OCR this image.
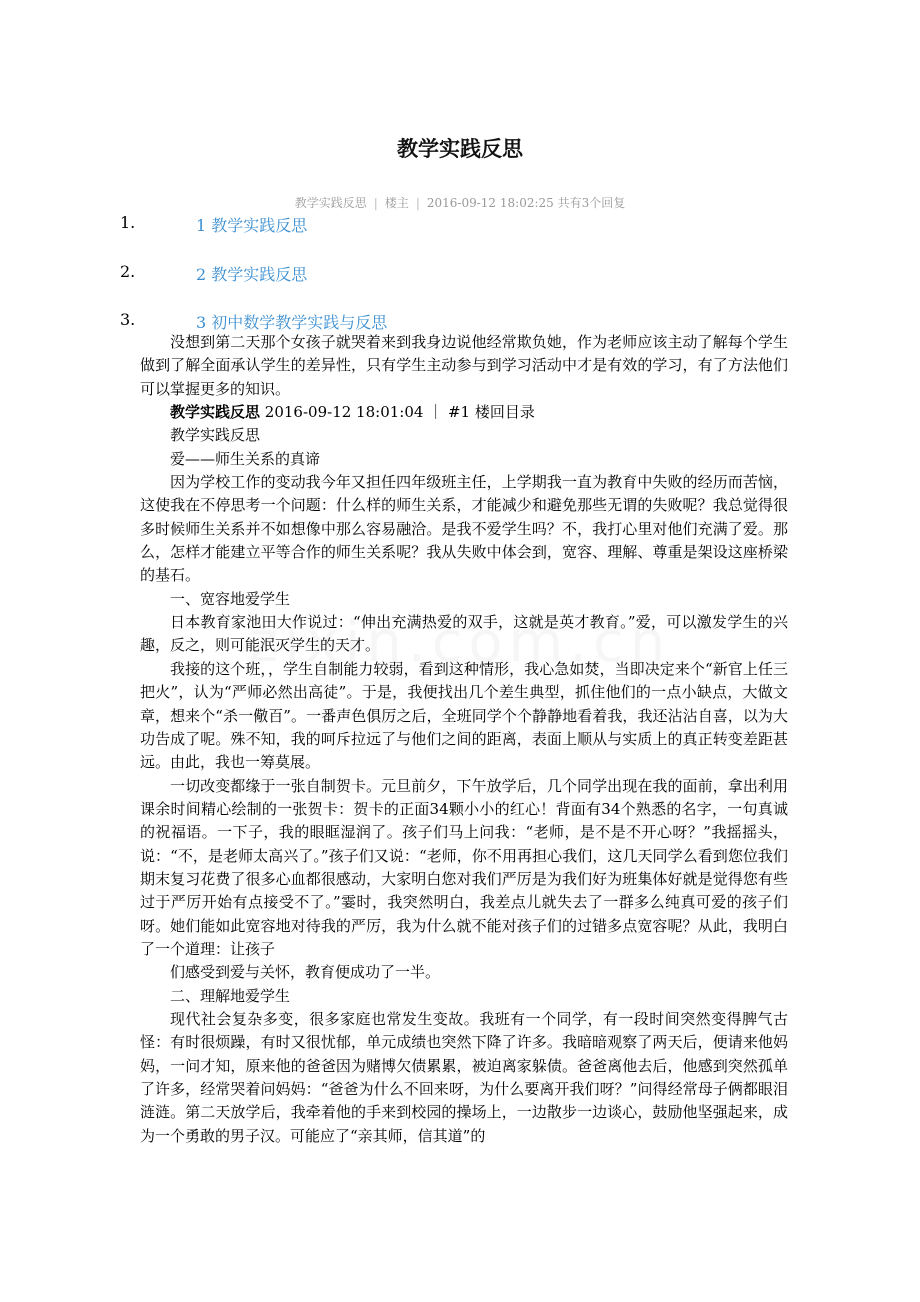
教学实践反思
教学实践反思 | 楼主 | 2016-09-12 18:02:25 共有3个回复
1.	1 教学实践反思
2.	2 教学实践反思
3.	3 初中数学教学实践与反思

没想到第二天那个女孩子就哭着来到我身边说他经常欺负她，作为老师应该主动了解每个学生做到了解全面承认学生的差异性，只有学生主动参与到学习活动中才是有效的学习，有了方法他们可以掌握更多的知识。

教学实践反思 2016-09-12 18:01:04 ｜ #1 楼回目录

教学实践反思

爱——师生关系的真谛

因为学校工作的变动我今年又担任四年级班主任，上学期我一直为教育中失败的经历而苦恼，这使我在不停思考一个问题：什么样的师生关系，才能减少和避免那些无谓的失败呢？我总觉得很多时候师生关系并不如想像中那么容易融洽。是我不爱学生吗？不，我打心里对他们充满了爱。那么，怎样才能建立平等合作的师生关系呢？我从失败中体会到，宽容、理解、尊重是架设这座桥梁的基石。

一、宽容地爱学生

日本教育家池田大作说过：“伸出充满热爱的双手，这就是英才教育。”爱，可以激发学生的兴趣，反之，则可能泯灭学生的天才。

我接的这个班，，学生自制能力较弱，看到这种情形，我心急如焚，当即决定来个“新官上任三把火”，认为“严师必然出高徒”。于是，我便找出几个差生典型，抓住他们的一点小缺点，大做文章，想来个“杀一儆百”。一番声色俱厉之后，全班同学个个静静地看着我，我还沾沾自喜，以为大功告成了呢。殊不知，我的呵斥拉远了与他们之间的距离，表面上顺从与实质上的真正转变差距甚远。由此，我也一筹莫展。

一切改变都缘于一张自制贺卡。元旦前夕，下午放学后，几个同学出现在我的面前，拿出利用课余时间精心绘制的一张贺卡：贺卡的正面34颗小小的红心！背面有34个熟悉的名字，一句真诚的祝福语。一下子，我的眼眶湿润了。孩子们马上问我：“老师，是不是不开心呀？”我摇摇头，说：“不，是老师太高兴了。”孩子们又说：“老师，你不用再担心我们，这几天同学么看到您位我们期末复习花费了很多心血都很感动，大家明白您对我们严厉是为我们好为班集体好就是觉得您有些过于严厉开始有点接受不了。”霎时，我突然明白，我差点儿就失去了一群多么纯真可爱的孩子们呀。她们能如此宽容地对待我的严厉，我为什么就不能对孩子们的过错多点宽容呢？从此，我明白了一个道理：让孩子

们感受到爱与关怀，教育便成功了一半。

二、理解地爱学生

现代社会复杂多变，很多家庭也常发生变故。我班有一个同学，有一段时间突然变得脾气古怪：有时很烦躁，有时又很忧郁，单元成绩也突然下降了许多。我暗暗观察了两天后，便请来他妈妈，一问才知，原来他的爸爸因为赌博欠债累累，被迫离家躲债。爸爸离他去后，他感到突然孤单了许多，经常哭着问妈妈：“爸爸为什么不回来呀，为什么要离开我们呀？”问得经常母子俩都眼泪涟涟。第二天放学后，我牵着他的手来到校园的操场上，一边散步一边谈心，鼓励他坚强起来，成为一个勇敢的男子汉。可能应了“亲其师，信其道”的
